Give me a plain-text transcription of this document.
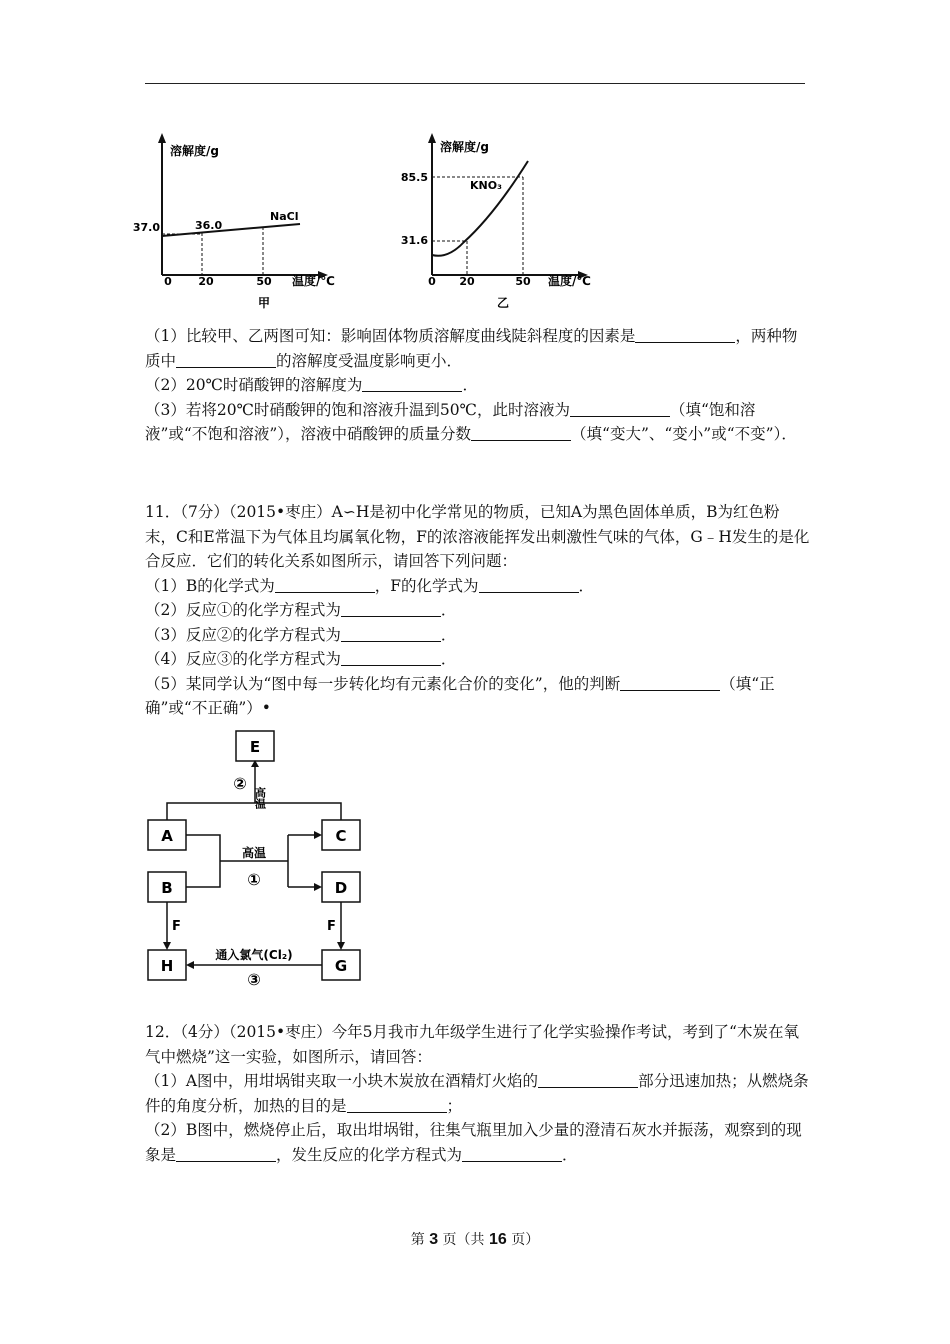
溶解度/g
37.0	36.0
NaCl
0 20	50 温度/℃
甲
溶解度/g
85.5
31.6
KNO₃
0 20	50 温度/℃
乙

（1）比较甲、乙两图可知：影响固体物质溶解度曲线陡斜程度的因素是	，两种物质中	的溶解度受温度影响更小．

（2）20℃时硝酸钾的溶解度为	．

（3）若将20℃时硝酸钾的饱和溶液升温到50℃，此时溶液为	（填“饱和溶液”或“不饱和溶液”），溶液中硝酸钾的质量分数	（填“变大”、“变小”或“不变”）．

11．（7分）（2015•枣庄）A∽H是初中化学常见的物质，已知A为黑色固体单质，B为红色粉末，C和E常温下为气体且均属氧化物，F的浓溶液能挥发出刺激性气味的气体，G﹣H发生的是化合反应．它们的转化关系如图所示，请回答下列问题：

（1）B的化学式为	，F的化学式为	．

（2）反应①的化学方程式为	．

（3）反应②的化学方程式为	．

（4）反应③的化学方程式为	．

（5）某同学认为“图中每一步转化均有元素化合价的变化”，他的判断	（填“正确”或“不正确”）•

E
A	C
B	D
H	G
②
高温
高温
①
F	F
通入氯气(Cl₂)
③

12．（4分）（2015•枣庄）今年5月我市九年级学生进行了化学实验操作考试，考到了“木炭在氧气中燃烧”这一实验，如图所示，请回答：

（1）A图中，用坩埚钳夹取一小块木炭放在酒精灯火焰的	部分迅速加热；从燃烧条件的角度分析，加热的目的是	；

（2）B图中，燃烧停止后，取出坩埚钳，往集气瓶里加入少量的澄清石灰水并振荡，观察到的现象是	，发生反应的化学方程式为	．

第 3 页（共 16 页）
